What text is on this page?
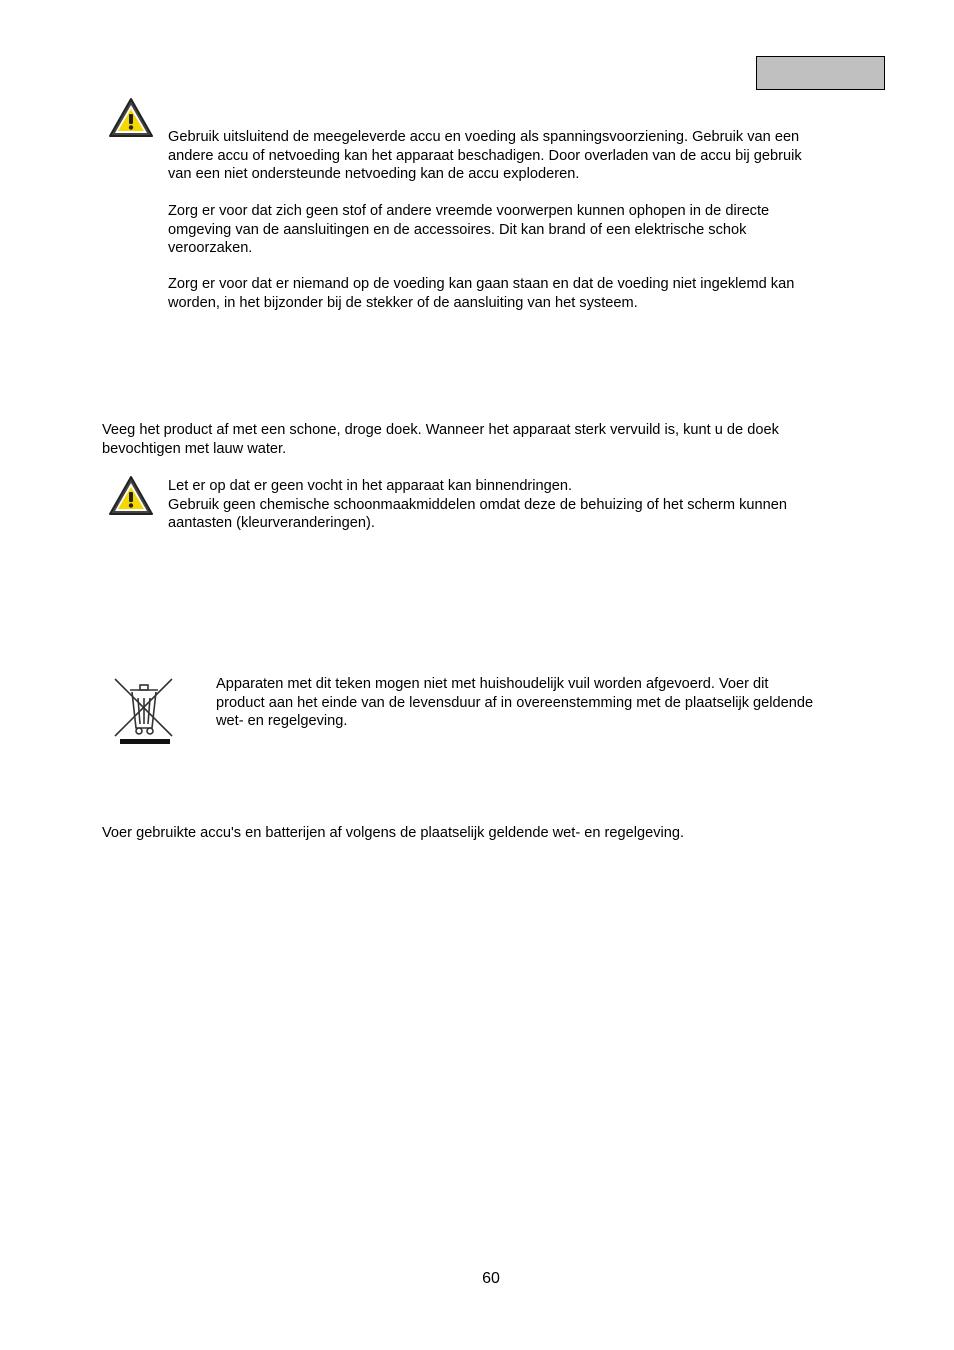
Gebruik uitsluitend de meegeleverde accu en voeding als spanningsvoorziening. Gebruik van een
andere accu of netvoeding kan het apparaat beschadigen. Door overladen van de accu bij gebruik
van een niet ondersteunde netvoeding kan de accu exploderen.
Zorg er voor dat zich geen stof of andere vreemde voorwerpen kunnen ophopen in de directe
omgeving van de aansluitingen en de accessoires. Dit kan brand of een elektrische schok
veroorzaken.
Zorg er voor dat er niemand op de voeding kan gaan staan en dat de voeding niet ingeklemd kan
worden, in het bijzonder bij de stekker of de aansluiting van het systeem.
Veeg het product af met een schone, droge doek. Wanneer het apparaat sterk vervuild is, kunt u de doek
bevochtigen met lauw water.
Let er op dat er geen vocht in het apparaat kan binnendringen.
Gebruik geen chemische schoonmaakmiddelen omdat deze de behuizing of het scherm kunnen
aantasten (kleurveranderingen).
Apparaten met dit teken mogen niet met huishoudelijk vuil worden afgevoerd. Voer dit
product aan het einde van de levensduur af in overeenstemming met de plaatselijk geldende
wet- en regelgeving.
Voer gebruikte accu's en batterijen af volgens de plaatselijk geldende wet- en regelgeving.
60
